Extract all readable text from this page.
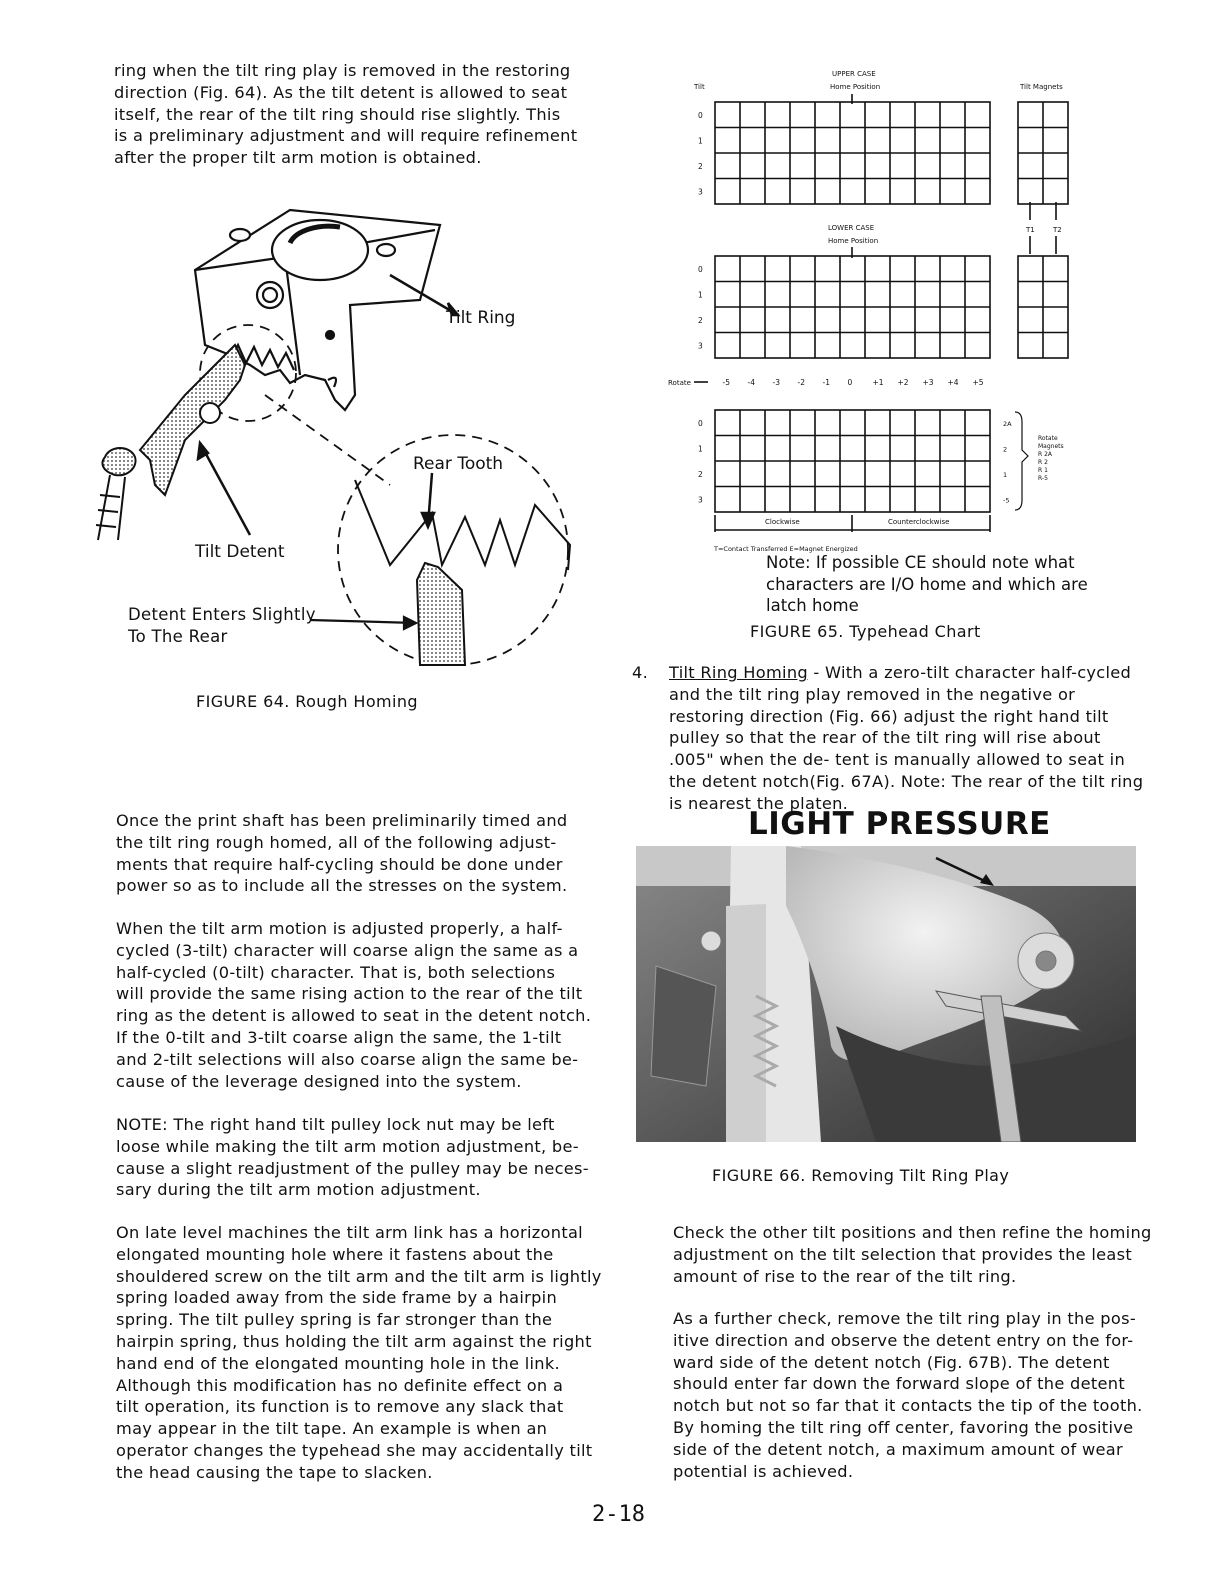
ring when the tilt ring play is removed in the restoring
direction (Fig. 64). As the tilt detent is allowed to seat
itself, the rear of the tilt ring should rise slightly. This
is a preliminary adjustment and will require refinement
after the proper tilt arm motion is obtained.

Tilt Ring
Rear Tooth
Tilt Detent

Detent Enters Slightly
To The Rear

FIGURE 64. Rough Homing

Once the print shaft has been preliminarily timed and
the tilt ring rough homed, all of the following adjust-
ments that require half-cycling should be done under
power so as to include all the stresses on the system.

When the tilt arm motion is adjusted properly, a half-
cycled (3-tilt) character will coarse align the same as a
half-cycled (0-tilt) character. That is, both selections
will provide the same rising action to the rear of the tilt
ring as the detent is allowed to seat in the detent notch.
If the 0-tilt and 3-tilt coarse align the same, the 1-tilt
and 2-tilt selections will also coarse align the same be-
cause of the leverage designed into the system.

NOTE: The right hand tilt pulley lock nut may be left
loose while making the tilt arm motion adjustment, be-
cause a slight readjustment of the pulley may be neces-
sary during the tilt arm motion adjustment.

On late level machines the tilt arm link has a horizontal
elongated mounting hole where it fastens about the
shouldered screw on the tilt arm and the tilt arm is lightly
spring loaded away from the side frame by a hairpin
spring. The tilt pulley spring is far stronger than the
hairpin spring, thus holding the tilt arm against the right
hand end of the elongated mounting hole in the link.
Although this modification has no definite effect on a
tilt operation, its function is to remove any slack that
may appear in the tilt tape. An example is when an
operator changes the typehead she may accidentally tilt
the head causing the tape to slacken.

0
0
0
1
1
1
2
2
2
3
3
3
-5 -4 -3 -2 -1 0	+1 +2 +3 +4 +5
2A
2
1
-5
Rotate
Magnets
R 2A
R 2
R 1
R-5
Tilt
UPPER CASE
Home Position	Tilt Magnets
LOWER CASE
Home Position
T1	T2
Rotate
Clockwise	Counterclockwise
T=Contact Transferred E=Magnet Energized

Note: If possible CE should note what
characters are I/O home and which are
latch home

FIGURE 65. Typehead Chart
4. Tilt Ring Homing - With a zero-tilt character half-cycled and the tilt ring play removed in the negative or restoring direction (Fig. 66) adjust the right hand tilt pulley so that the rear of the tilt ring will rise about .005" when the de- tent is manually allowed to seat in the detent notch(Fig. 67A). Note: The rear of the tilt ring is nearest the platen.
LIGHT PRESSURE
FIGURE 66. Removing Tilt Ring Play

Check the other tilt positions and then refine the homing
adjustment on the tilt selection that provides the least
amount of rise to the rear of the tilt ring.

As a further check, remove the tilt ring play in the pos-
itive direction and observe the detent entry on the for-
ward side of the detent notch (Fig. 67B). The detent
should enter far down the forward slope of the detent
notch but not so far that it contacts the tip of the tooth.
By homing the tilt ring off center, favoring the positive
side of the detent notch, a maximum amount of wear
potential is achieved.

2-18
